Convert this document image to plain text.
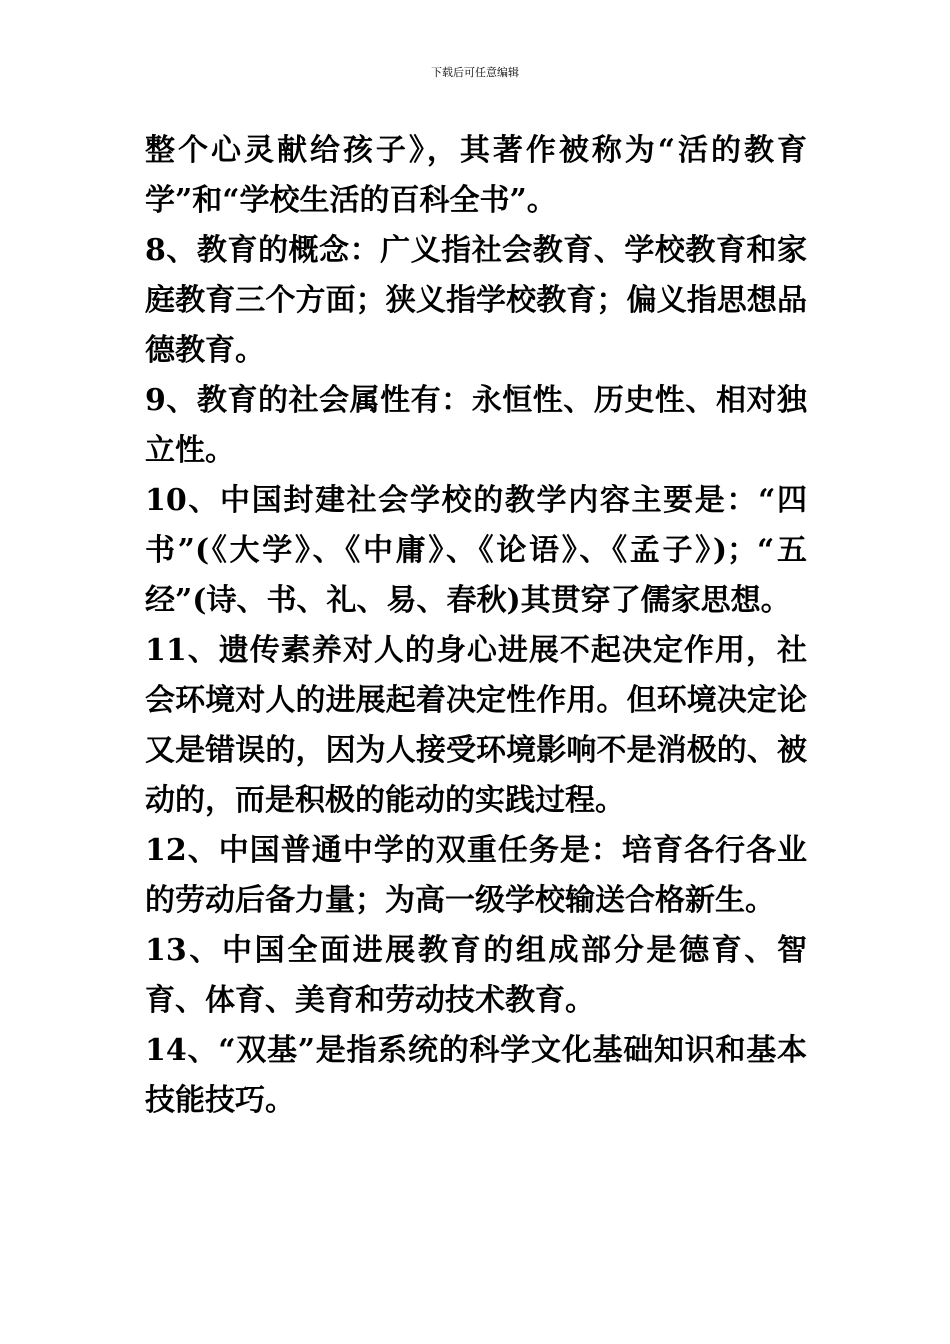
下载后可任意编辑

整个心灵献给孩子》，其著作被称为“活的教育学”和“学校生活的百科全书”。

8、教育的概念：广义指社会教育、学校教育和家庭教育三个方面；狭义指学校教育；偏义指思想品德教育。

9、教育的社会属性有：永恒性、历史性、相对独立性。

10、中国封建社会学校的教学内容主要是：“四书”(《大学》、《中庸》、《论语》、《孟子》)；“五经”(诗、书、礼、易、春秋)其贯穿了儒家思想。

11、遗传素养对人的身心进展不起决定作用，社会环境对人的进展起着决定性作用。但环境决定论又是错误的，因为人接受环境影响不是消极的、被动的，而是积极的能动的实践过程。

12、中国普通中学的双重任务是：培育各行各业的劳动后备力量；为高一级学校输送合格新生。

13、中国全面进展教育的组成部分是德育、智育、体育、美育和劳动技术教育。

14、“双基”是指系统的科学文化基础知识和基本技能技巧。
